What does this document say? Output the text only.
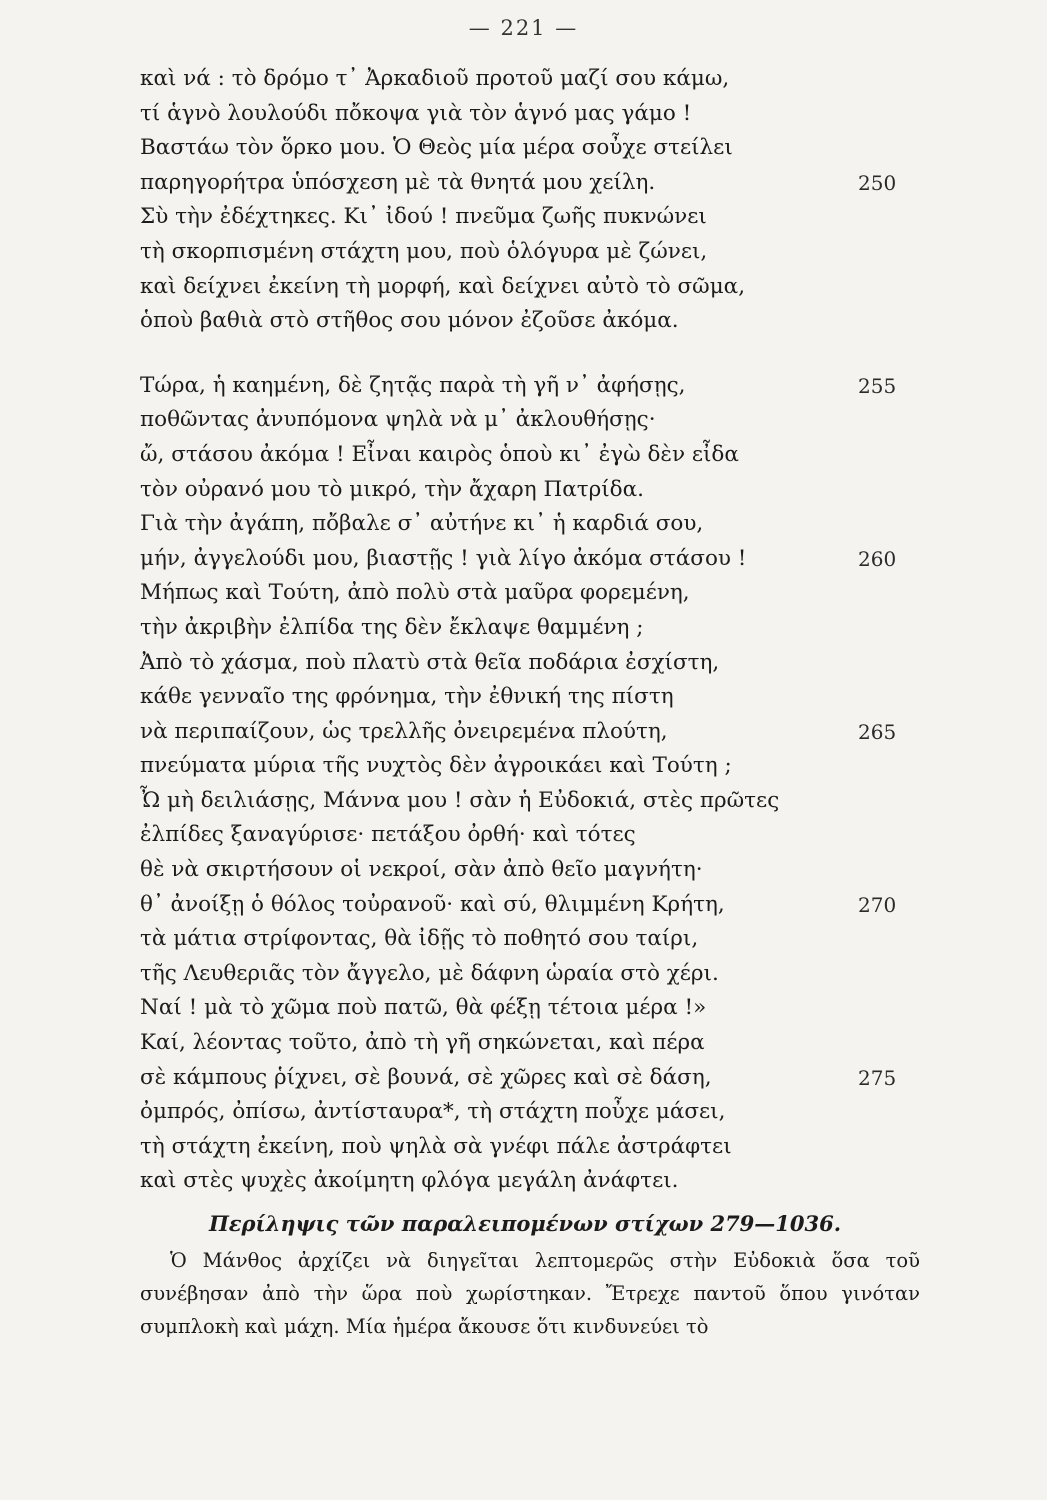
— 221 —
καὶ νά : τὸ δρόμο τ᾽ Ἀρκαδιοῦ προτοῦ μαζί σου κάμω,
τί ἁγνὸ λουλούδι πὄκοψα γιὰ τὸν ἁγνό μας γάμο !
Βαστάω τὸν ὅρκο μου. Ὁ Θεὸς μία μέρα σοὖχε στείλει
παρηγορήτρα ὑπόσχεση μὲ τὰ θνητά μου χείλη.	250
Σὺ τὴν ἐδέχτηκες. Κι᾽ ἰδού ! πνεῦμα ζωῆς πυκνώνει
τὴ σκορπισμένη στάχτη μου, ποὺ ὁλόγυρα μὲ ζώνει,
καὶ δείχνει ἐκείνη τὴ μορφή, καὶ δείχνει αὐτὸ τὸ σῶμα,
ὁποὺ βαθιὰ στὸ στῆθος σου μόνον ἐζοῦσε ἀκόμα.
Τώρα, ἡ καημένη, δὲ ζητᾷς παρὰ τὴ γῆ ν᾽ ἀφήσῃς,	255
ποθῶντας ἀνυπόμονα ψηλὰ νὰ μ᾽ ἀκλουθήσῃς·
ὤ, στάσου ἀκόμα ! Εἶναι καιρὸς ὁποὺ κι᾽ ἐγὼ δὲν εἶδα
τὸν οὐρανό μου τὸ μικρό, τὴν ἄχαρη Πατρίδα.
Γιὰ τὴν ἀγάπη, πὄβαλε σ᾽ αὐτήνε κι᾽ ἡ καρδιά σου,
μήν, ἀγγελούδι μου, βιαστῇς ! γιὰ λίγο ἀκόμα στάσου !	260
Μήπως καὶ Τούτη, ἀπὸ πολὺ στὰ μαῦρα φορεμένη,
τὴν ἀκριβὴν ἐλπίδα της δὲν ἔκλαψε θαμμένη ;
Ἀπὸ τὸ χάσμα, ποὺ πλατὺ στὰ θεῖα ποδάρια ἐσχίστη,
κάθε γενναῖο της φρόνημα, τὴν ἐθνική της πίστη
νὰ περιπαίζουν, ὡς τρελλῆς ὀνειρεμένα πλούτη,	265
πνεύματα μύρια τῆς νυχτὸς δὲν ἀγροικάει καὶ Τούτη ;
Ὦ μὴ δειλιάσῃς, Μάννα μου ! σὰν ἡ Εὐδοκιά, στὲς πρῶτες
ἐλπίδες ξαναγύρισε· πετάξου ὀρθή· καὶ τότες
θὲ νὰ σκιρτήσουν οἱ νεκροί, σὰν ἀπὸ θεῖο μαγνήτη·
θ᾽ ἀνοίξῃ ὁ θόλος τοὐρανοῦ· καὶ σύ, θλιμμένη Κρήτη,	270
τὰ μάτια στρίφοντας, θὰ ἰδῇς τὸ ποθητό σου ταίρι,
τῆς Λευθεριᾶς τὸν ἄγγελο, μὲ δάφνη ὡραία στὸ χέρι.
Ναί ! μὰ τὸ χῶμα ποὺ πατῶ, θὰ φέξῃ τέτοια μέρα !»
Καί, λέοντας τοῦτο, ἀπὸ τὴ γῆ σηκώνεται, καὶ πέρα
σὲ κάμπους ῥίχνει, σὲ βουνά, σὲ χῶρες καὶ σὲ δάση,	275
ὀμπρός, ὀπίσω, ἀντίσταυρα*, τὴ στάχτη ποὖχε μάσει,
τὴ στάχτη ἐκείνη, ποὺ ψηλὰ σὰ γνέφι πάλε ἀστράφτει
καὶ στὲς ψυχὲς ἀκοίμητη φλόγα μεγάλη ἀνάφτει.
Περίληψις τῶν παραλειπομένων στίχων 279—1036.

Ὁ Μάνθος ἀρχίζει νὰ διηγεῖται λεπτομερῶς στὴν Εὐδοκιὰ ὅσα τοῦ συνέβησαν ἀπὸ τὴν ὥρα ποὺ χωρίστηκαν. Ἔτρεχε παντοῦ ὅπου γινόταν συμπλοκὴ καὶ μάχη. Μία ἡμέρα ἄκουσε ὅτι κινδυνεύει τὸ
